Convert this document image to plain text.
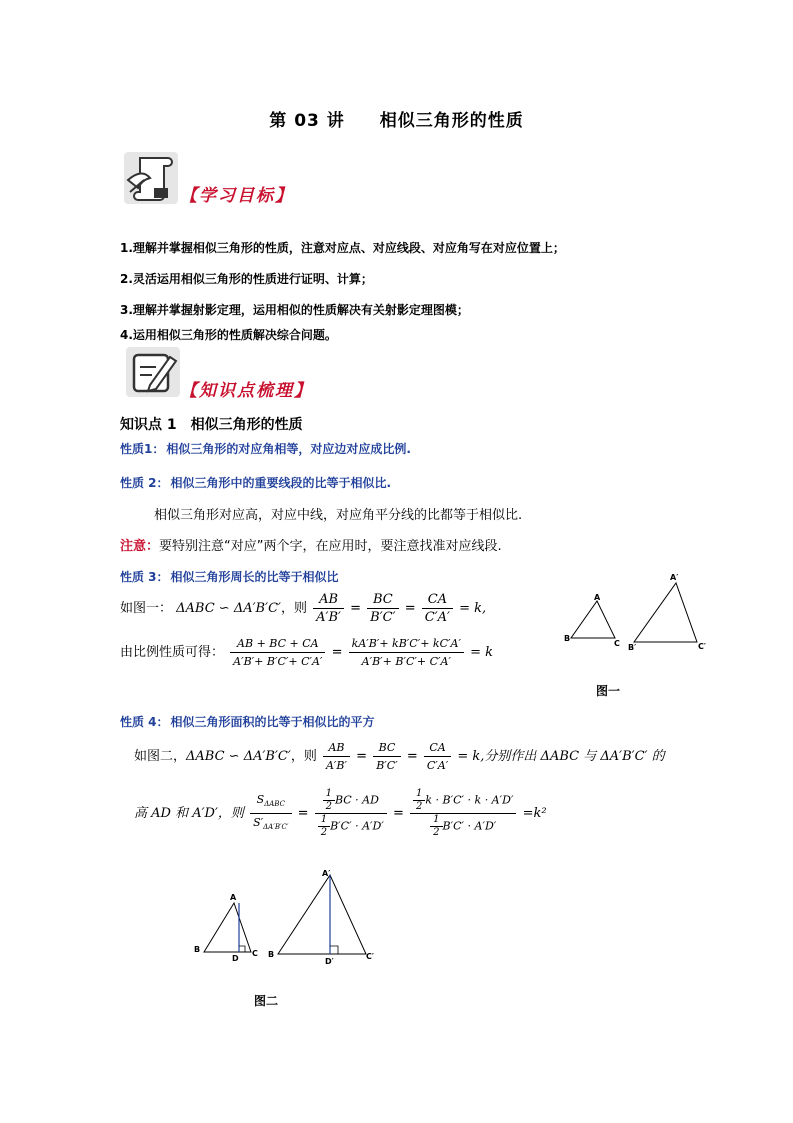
第 03 讲 相似三角形的性质
【学习目标】
1.理解并掌握相似三角形的性质，注意对应点、对应线段、对应角写在对应位置上；
2.灵活运用相似三角形的性质进行证明、计算；
3.理解并掌握射影定理，运用相似的性质解决有关射影定理图模；
4.运用相似三角形的性质解决综合问题。
【知识点梳理】
知识点 1 相似三角形的性质
性质1： 相似三角形的对应角相等，对应边对应成比例.
性质 2： 相似三角形中的重要线段的比等于相似比.
相似三角形对应高，对应中线，对应角平分线的比都等于相似比.
注意：要特别注意“对应”两个字，在应用时，要注意找准对应线段.
性质 3： 相似三角形周长的比等于相似比
如图一： ΔABC ∽ ΔA′B′C′，则 $\frac{AB}{A'B'} = \frac{BC}{B'C'} = \frac{CA}{C'A'} = k$,
由比例性质可得： $\frac{AB + BC + CA}{A'B'+ B'C'+ C'A'} = \frac{kA'B'+ kB'C'+ kC'A'}{A'B'+ B'C'+ C'A'} = k$
A
B
C
A′
B′	C′
图一
性质 4： 相似三角形面积的比等于相似比的平方
如图二，ΔABC ∽ ΔA′B′C′，则 $\frac{AB}{A'B'} = \frac{BC}{B'C'} = \frac{CA}{C'A'} = k$,分别作出 ΔABC 与 ΔA′B′C′ 的
高 AD 和 A′D′，则 $\frac{S_{\Delta ABC}}{S'_{\Delta A'B'C'}} = \frac{\frac{1}{2} BC \cdot AD}{\frac{1}{2} B'C' \cdot A'D'} = \frac{\frac{1}{2} k \cdot B'C' \cdot k \cdot A'D'}{\frac{1}{2} B'C' \cdot A'D'} =k^2$
A
B	C
D
A′
B	C′
D′
图二
